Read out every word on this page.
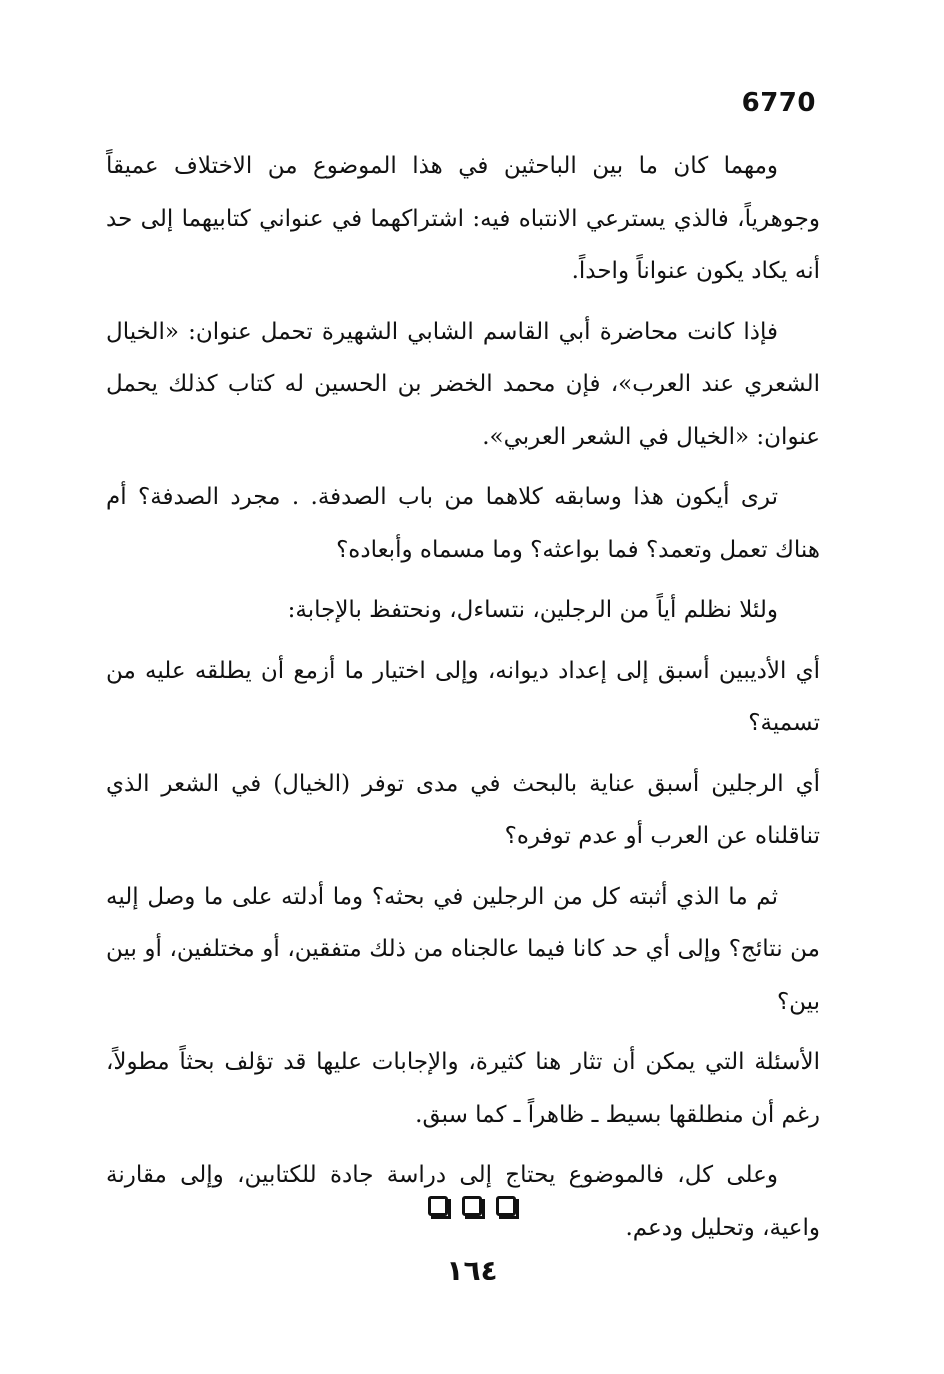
6770

ومهما كان ما بين الباحثين في هذا الموضوع من الاختلاف عميقاً وجوهرياً، فالذي يسترعي الانتباه فيه: اشتراكهما في عنواني كتابيهما إلى حد أنه يكاد يكون عنواناً واحداً.

فإذا كانت محاضرة أبي القاسم الشابي الشهيرة تحمل عنوان: «الخيال الشعري عند العرب»، فإن محمد الخضر بن الحسين له كتاب كذلك يحمل عنوان: «الخيال في الشعر العربي».

ترى أيكون هذا وسابقه كلاهما من باب الصدفة. . مجرد الصدفة؟ أم هناك تعمل وتعمد؟ فما بواعثه؟ وما مسماه وأبعاده؟

ولئلا نظلم أياً من الرجلين، نتساءل، ونحتفظ بالإجابة:

أي الأديبين أسبق إلى إعداد ديوانه، وإلى اختيار ما أزمع أن يطلقه عليه من تسمية؟

أي الرجلين أسبق عناية بالبحث في مدى توفر (الخيال) في الشعر الذي تناقلناه عن العرب أو عدم توفره؟

ثم ما الذي أثبته كل من الرجلين في بحثه؟ وما أدلته على ما وصل إليه من نتائج؟ وإلى أي حد كانا فيما عالجناه من ذلك متفقين، أو مختلفين، أو بين بين؟

الأسئلة التي يمكن أن تثار هنا كثيرة، والإجابات عليها قد تؤلف بحثاً مطولاً، رغم أن منطلقها بسيط ـ ظاهراً ـ كما سبق.

وعلى كل، فالموضوع يحتاج إلى دراسة جادة للكتابين، وإلى مقارنة واعية، وتحليل ودعم.

١٦٤
